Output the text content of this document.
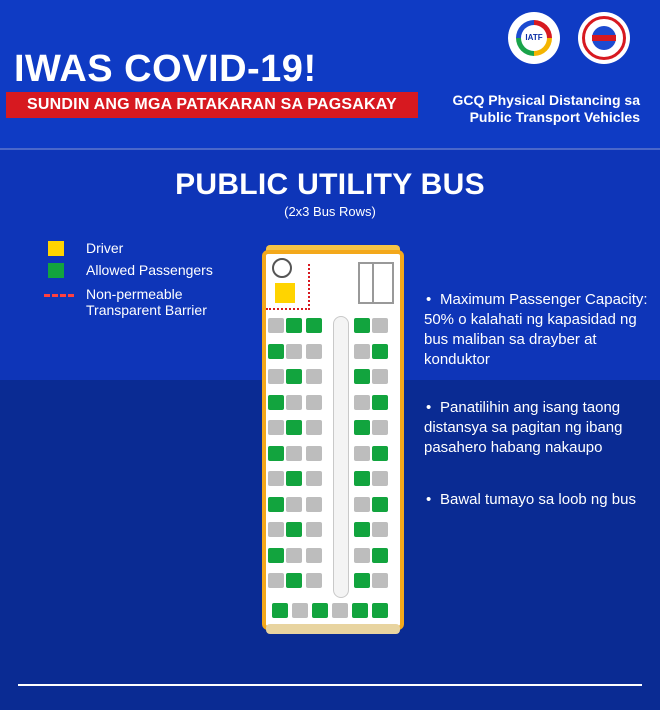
IWAS COVID-19!
SUNDIN ANG MGA PATAKARAN SA PAGSAKAY	GCQ Physical Distancing sa
Public Transport Vehicles
IATF
PUBLIC UTILITY BUS
(2x3 Bus Rows)
Driver
Allowed Passengers
Non-permeable
Transparent Barrier
• Maximum Passenger Capacity: 50% o kalahati ng kapasidad ng bus maliban sa drayber at konduktor
• Panatilihin ang isang taong distansya sa pagitan ng ibang pasahero habang nakaupo
• Bawal tumayo sa loob ng bus
